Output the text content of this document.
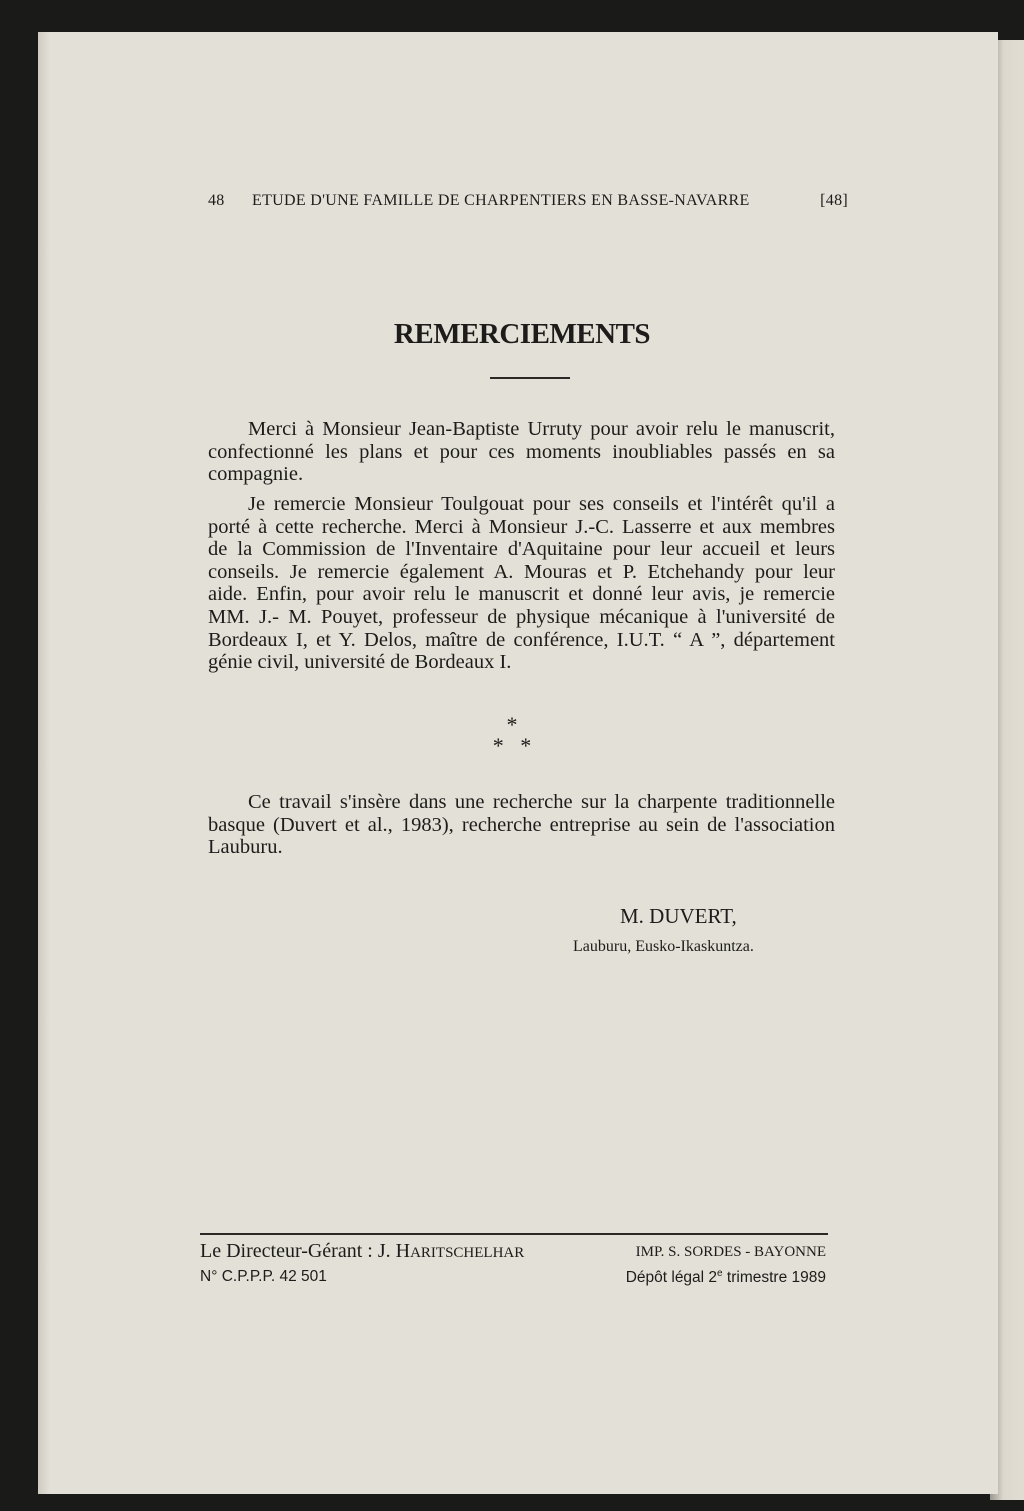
48	ETUDE D'UNE FAMILLE DE CHARPENTIERS EN BASSE-NAVARRE	[48]
REMERCIEMENTS
Merci à Monsieur Jean-Baptiste Urruty pour avoir relu le manuscrit,
confectionné les plans et pour ces moments inoubliables passés en sa
compagnie.
Je remercie Monsieur Toulgouat pour ses conseils et l'intérêt qu'il a
porté à cette recherche. Merci à Monsieur J.-C. Lasserre et aux membres
de la Commission de l'Inventaire d'Aquitaine pour leur accueil et leurs
conseils. Je remercie également A. Mouras et P. Etchehandy pour leur
aide. Enfin, pour avoir relu le manuscrit et donné leur avis, je remercie
MM. J.- M. Pouyet, professeur de physique mécanique à l'université de
Bordeaux I, et Y. Delos, maître de conférence, I.U.T. “ A ”, département
génie civil, université de Bordeaux I.
*
*   *
Ce travail s'insère dans une recherche sur la charpente traditionnelle
basque (Duvert et al., 1983), recherche entreprise au sein de l'association
Lauburu.
M. DUVERT,
Lauburu, Eusko-Ikaskuntza.
Le Directeur-Gérant : J. HARITSCHELHAR
N° C.P.P.P. 42 501
IMP. S. SORDES - BAYONNE
Dépôt légal 2e trimestre 1989
